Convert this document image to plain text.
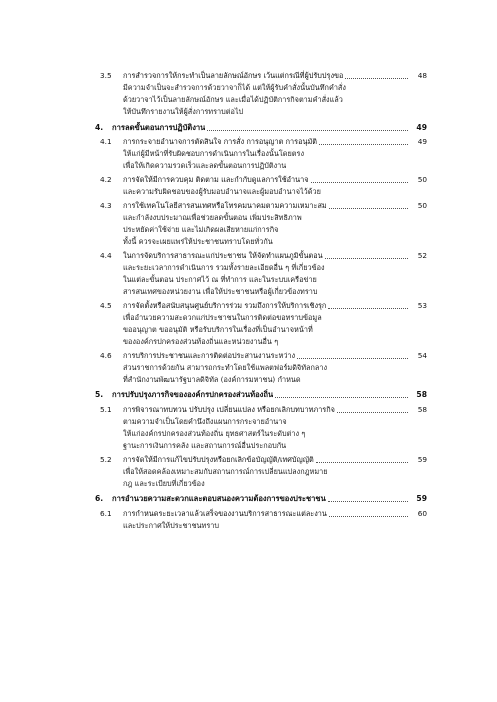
3.5 การสำรวจการให้กระทำเป็นลายลักษณ์อักษร เว้นแต่กรณีที่ผู้ปรับปรุงขอ	48
มีความจำเป็นจะสำรวจการด้วยวาจาก็ได้ แต่ให้ผู้รับคำสั่งนั้นบันทึกคำสั่ง
ด้วยวาจาไว้เป็นลายลักษณ์อักษร และเมื่อได้ปฏิบัติการกิจตามคำสั่งแล้ว
ให้บันทึกรายงานให้ผู้สั่งการทราบต่อไป
4. การลดขั้นตอนการปฏิบัติงาน	49
4.1 การกระจายอำนาจการตัดสินใจ การสั่ง การอนุญาต การอนุมัติ	49
ให้แก่ผู้มีหน้าที่รับผิดชอบการดำเนินการในเรื่องนั้นโดยตรง
เพื่อให้เกิดความรวดเร็วและลดขั้นตอนการปฏิบัติงาน
4.2 การจัดให้มีการควบคุม ติดตาม และกำกับดูแลการใช้อำนาจ	50
และความรับผิดชอบของผู้รับมอบอำนาจและผู้มอบอำนาจไว้ด้วย
4.3 การใช้เทคโนโลยีสารสนเทศหรือโทรคมนาคมตามความเหมาะสม	50
และกำลังงบประมาณเพื่อช่วยลดขั้นตอน เพิ่มประสิทธิภาพ
ประหยัดค่าใช้จ่าย และไม่เกิดผลเสียหายแก่การกิจ
ทั้งนี้ ควรจะเผยแพร่ให้ประชาชนทราบโดยทั่วกัน
4.4 ในการจัดบริการสาธารณะแก่ประชาชน ให้จัดทำแผนภูมิขั้นตอน	52
และระยะเวลาการดำเนินการ รวมทั้งรายละเอียดอื่น ๆ ที่เกี่ยวข้อง
ในแต่ละขั้นตอน ประกาศไว้ ณ ที่ทำการ และในระบบเครือข่าย
สารสนเทศของหน่วยงาน เพื่อให้ประชาชนหรือผู้เกี่ยวข้องทราบ
4.5 การจัดตั้งหรือสนับสนุนศูนย์บริการร่วม รวมถึงการให้บริการเชิงรุก	53
เพื่ออำนวยความสะดวกแก่ประชาชนในการติดต่อขอทราบข้อมูล
ขออนุญาต ขออนุมัติ หรือรับบริการในเรื่องที่เป็นอำนาจหน้าที่
ขององค์กรปกครองส่วนท้องถิ่นและหน่วยงานอื่น ๆ
4.6 การบริการประชาชนและการติดต่อประสานงานระหว่าง	54
ส่วนราชการด้วยกัน สามารถกระทำโดยใช้แพลตฟอร์มดิจิทัลกลาง
ที่สำนักงานพัฒนารัฐบาลดิจิทัล (องค์การมหาชน) กำหนด
5. การปรับปรุงภารกิจขององค์กรปกครองส่วนท้องถิ่น	58
5.1 การพิจารณาทบทวน ปรับปรุง เปลี่ยนแปลง หรือยกเลิกบทบาทภารกิจ	58
ตามความจำเป็นโดยคำนึงถึงแผนการกระจายอำนาจ
ให้แก่องค์กรปกครองส่วนท้องถิ่น ยุทธศาสตร์ในระดับต่าง ๆ
ฐานะการเงินการคลัง และสถานการณ์อื่นประกอบกัน
5.2 การจัดให้มีการแก้ไขปรับปรุงหรือยกเลิกข้อบัญญัติ/เทศบัญญัติ	59
เพื่อให้สอดคล้องเหมาะสมกับสถานการณ์การเปลี่ยนแปลงกฎหมาย
กฎ และระเบียบที่เกี่ยวข้อง
6. การอำนวยความสะดวกและตอบสนองความต้องการของประชาชน	59
6.1 การกำหนดระยะเวลาแล้วเสร็จของงานบริการสาธารณะแต่ละงาน	60
และประกาศให้ประชาชนทราบ
